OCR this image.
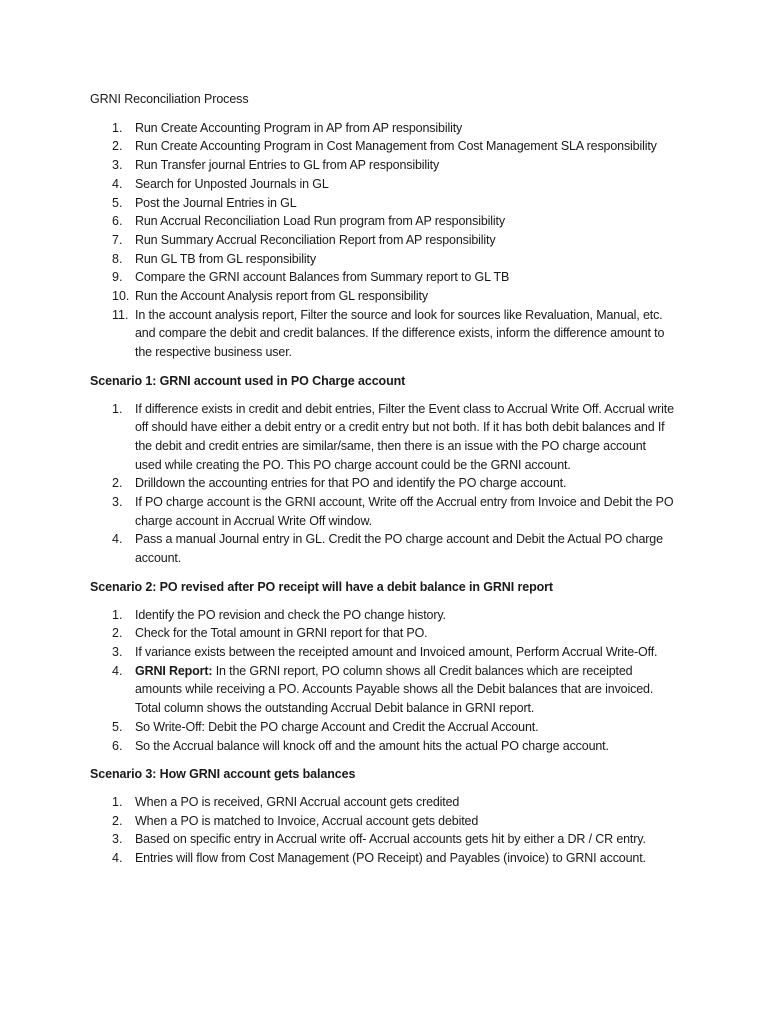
GRNI Reconciliation Process
1.	Run Create Accounting Program in AP from AP responsibility
2.	Run Create Accounting Program in Cost Management from Cost Management SLA responsibility
3.	Run Transfer journal Entries to GL from AP responsibility
4.	Search for Unposted Journals in GL
5.	Post the Journal Entries in GL
6.	Run Accrual Reconciliation Load Run program from AP responsibility
7.	Run Summary Accrual Reconciliation Report from AP responsibility
8.	Run GL TB from GL responsibility
9.	Compare the GRNI account Balances from Summary report to GL TB
10. Run the Account Analysis report from GL responsibility
11. In the account analysis report, Filter the source and look for sources like Revaluation, Manual, etc. and compare the debit and credit balances. If the difference exists, inform the difference amount to the respective business user.
Scenario 1: GRNI account used in PO Charge account
1.	If difference exists in credit and debit entries, Filter the Event class to Accrual Write Off. Accrual write off should have either a debit entry or a credit entry but not both. If it has both debit balances and If the debit and credit entries are similar/same, then there is an issue with the PO charge account used while creating the PO. This PO charge account could be the GRNI account.
2.	Drilldown the accounting entries for that PO and identify the PO charge account.
3.	If PO charge account is the GRNI account, Write off the Accrual entry from Invoice and Debit the PO charge account in Accrual Write Off window.
4.	Pass a manual Journal entry in GL. Credit the PO charge account and Debit the Actual PO charge account.
Scenario 2: PO revised after PO receipt will have a debit balance in GRNI report
1.	Identify the PO revision and check the PO change history.
2.	Check for the Total amount in GRNI report for that PO.
3.	If variance exists between the receipted amount and Invoiced amount, Perform Accrual Write-Off.
4.	GRNI Report: In the GRNI report, PO column shows all Credit balances which are receipted amounts while receiving a PO. Accounts Payable shows all the Debit balances that are invoiced. Total column shows the outstanding Accrual Debit balance in GRNI report.
5.	So Write-Off: Debit the PO charge Account and Credit the Accrual Account.
6.	So the Accrual balance will knock off and the amount hits the actual PO charge account.
Scenario 3: How GRNI account gets balances
1.	When a PO is received, GRNI Accrual account gets credited
2.	When a PO is matched to Invoice, Accrual account gets debited
3.	Based on specific entry in Accrual write off- Accrual accounts gets hit by either a DR / CR entry.
4.	Entries will flow from Cost Management (PO Receipt) and Payables (invoice) to GRNI account.
